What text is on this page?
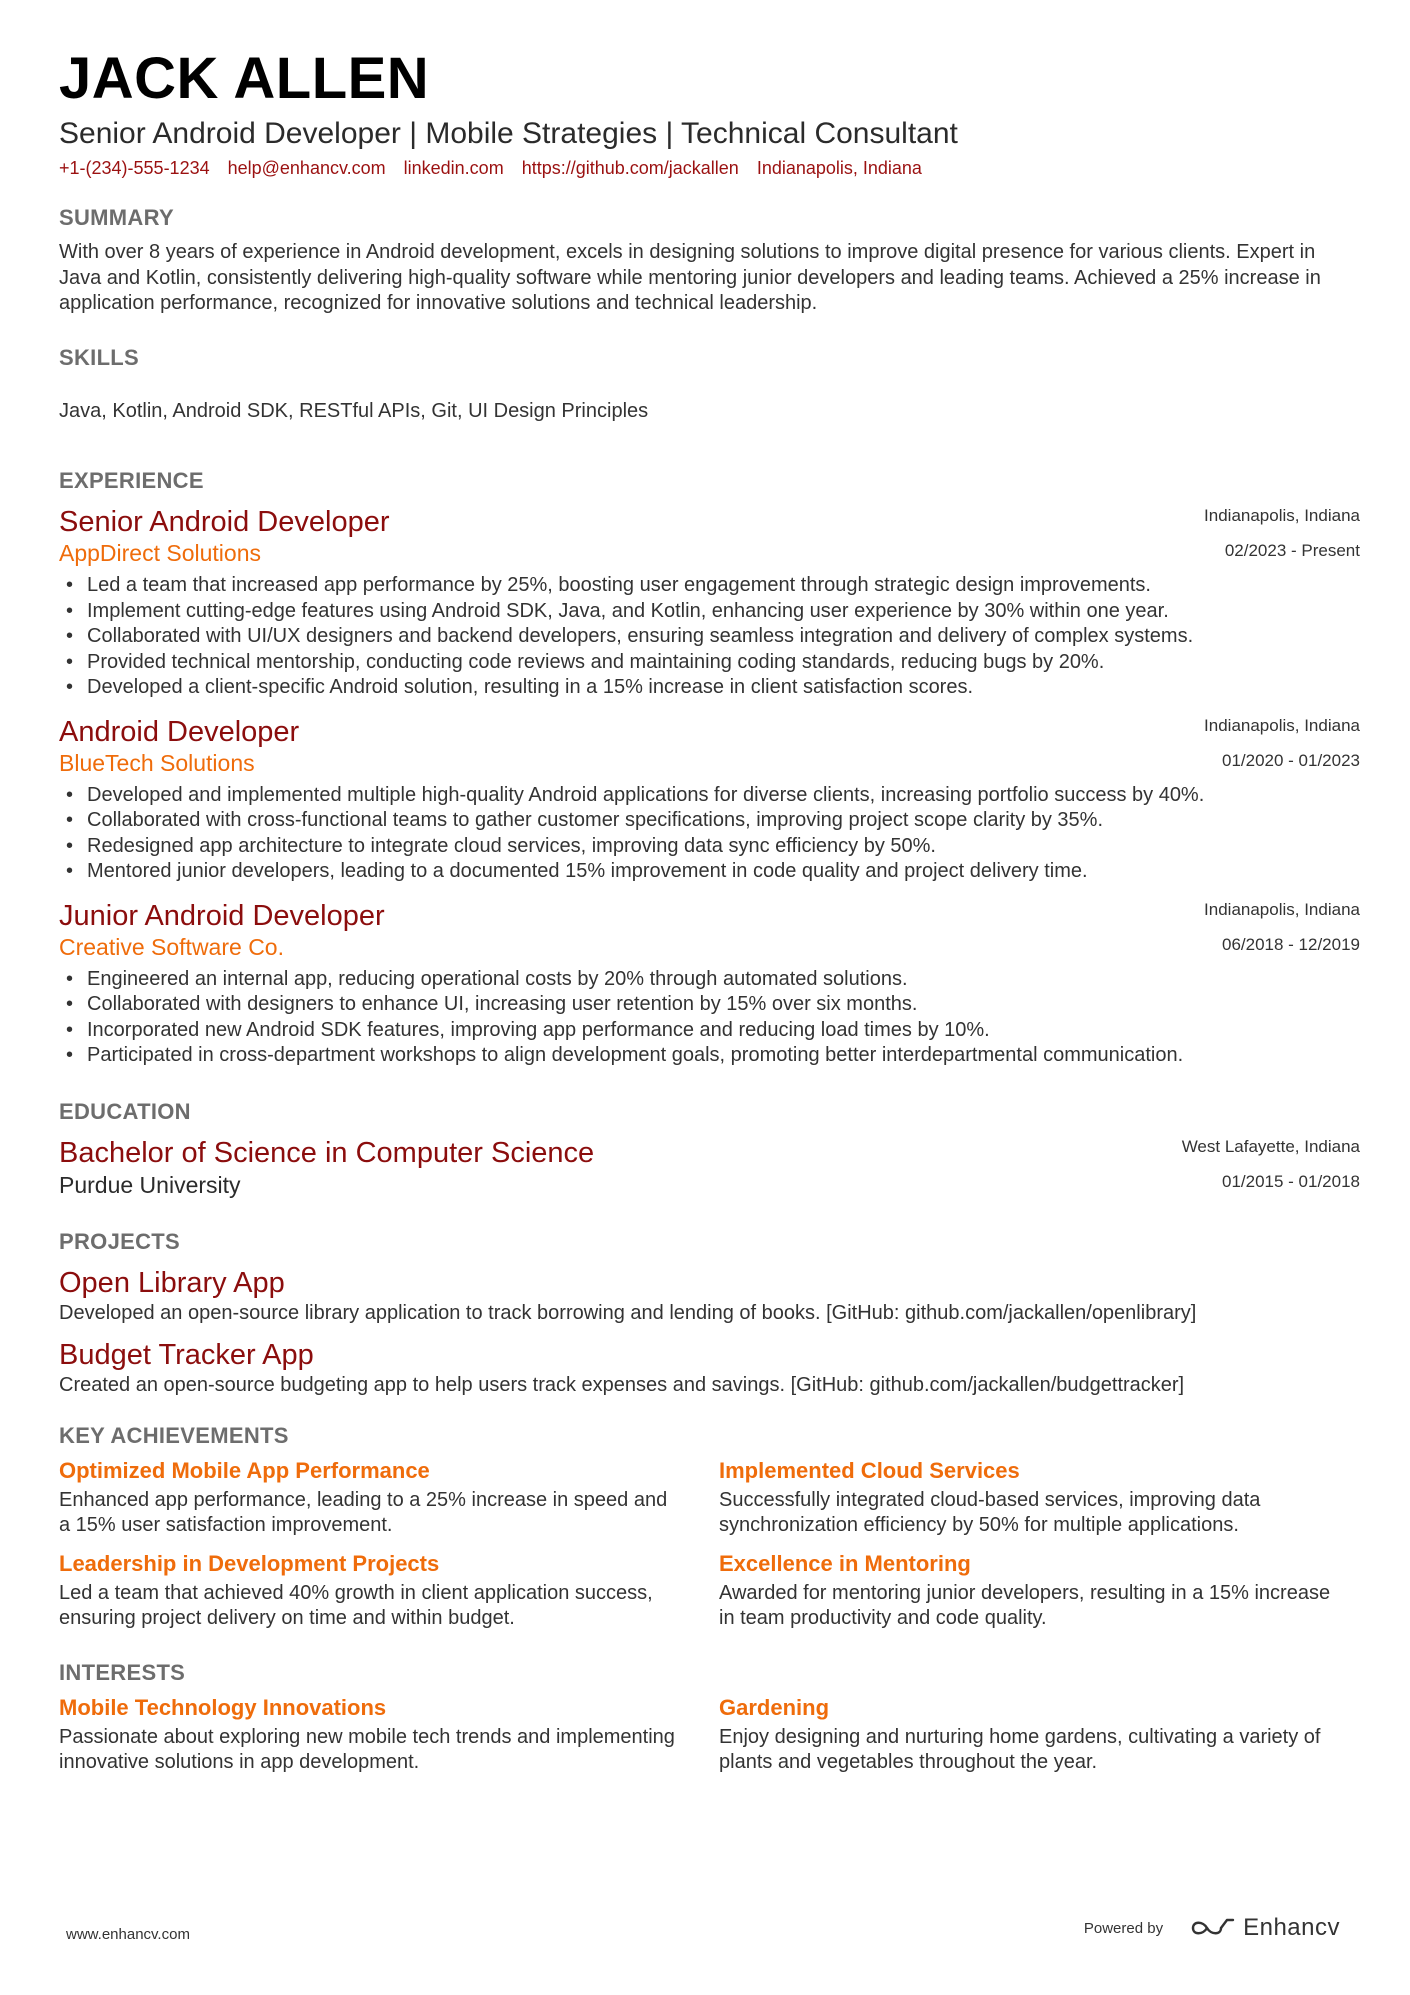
JACK ALLEN
Senior Android Developer | Mobile Strategies | Technical Consultant
+1-(234)-555-1234 help@enhancv.com linkedin.com https://github.com/jackallen Indianapolis, Indiana
SUMMARY
With over 8 years of experience in Android development, excels in designing solutions to improve digital presence for various clients. Expert in Java and Kotlin, consistently delivering high-quality software while mentoring junior developers and leading teams. Achieved a 25% increase in application performance, recognized for innovative solutions and technical leadership.
SKILLS
Java, Kotlin, Android SDK, RESTful APIs, Git, UI Design Principles
EXPERIENCE
Senior Android Developer
AppDirect Solutions
Indianapolis, Indiana
02/2023 - Present
• Led a team that increased app performance by 25%, boosting user engagement through strategic design improvements.
• Implement cutting-edge features using Android SDK, Java, and Kotlin, enhancing user experience by 30% within one year.
• Collaborated with UI/UX designers and backend developers, ensuring seamless integration and delivery of complex systems.
• Provided technical mentorship, conducting code reviews and maintaining coding standards, reducing bugs by 20%.
• Developed a client-specific Android solution, resulting in a 15% increase in client satisfaction scores.
Android Developer
BlueTech Solutions
Indianapolis, Indiana
01/2020 - 01/2023
• Developed and implemented multiple high-quality Android applications for diverse clients, increasing portfolio success by 40%.
• Collaborated with cross-functional teams to gather customer specifications, improving project scope clarity by 35%.
• Redesigned app architecture to integrate cloud services, improving data sync efficiency by 50%.
• Mentored junior developers, leading to a documented 15% improvement in code quality and project delivery time.
Junior Android Developer
Creative Software Co.
Indianapolis, Indiana
06/2018 - 12/2019
• Engineered an internal app, reducing operational costs by 20% through automated solutions.
• Collaborated with designers to enhance UI, increasing user retention by 15% over six months.
• Incorporated new Android SDK features, improving app performance and reducing load times by 10%.
• Participated in cross-department workshops to align development goals, promoting better interdepartmental communication.
EDUCATION
Bachelor of Science in Computer Science
Purdue University
West Lafayette, Indiana
01/2015 - 01/2018
PROJECTS
Open Library App
Developed an open-source library application to track borrowing and lending of books. [GitHub: github.com/jackallen/openlibrary]
Budget Tracker App
Created an open-source budgeting app to help users track expenses and savings. [GitHub: github.com/jackallen/budgettracker]
KEY ACHIEVEMENTS
Optimized Mobile App Performance
Enhanced app performance, leading to a 25% increase in speed and a 15% user satisfaction improvement.
Implemented Cloud Services
Successfully integrated cloud-based services, improving data synchronization efficiency by 50% for multiple applications.
Leadership in Development Projects
Led a team that achieved 40% growth in client application success, ensuring project delivery on time and within budget.
Excellence in Mentoring
Awarded for mentoring junior developers, resulting in a 15% increase in team productivity and code quality.
INTERESTS
Mobile Technology Innovations
Passionate about exploring new mobile tech trends and implementing innovative solutions in app development.
Gardening
Enjoy designing and nurturing home gardens, cultivating a variety of plants and vegetables throughout the year.
www.enhancv.com	Powered by	Enhancv
